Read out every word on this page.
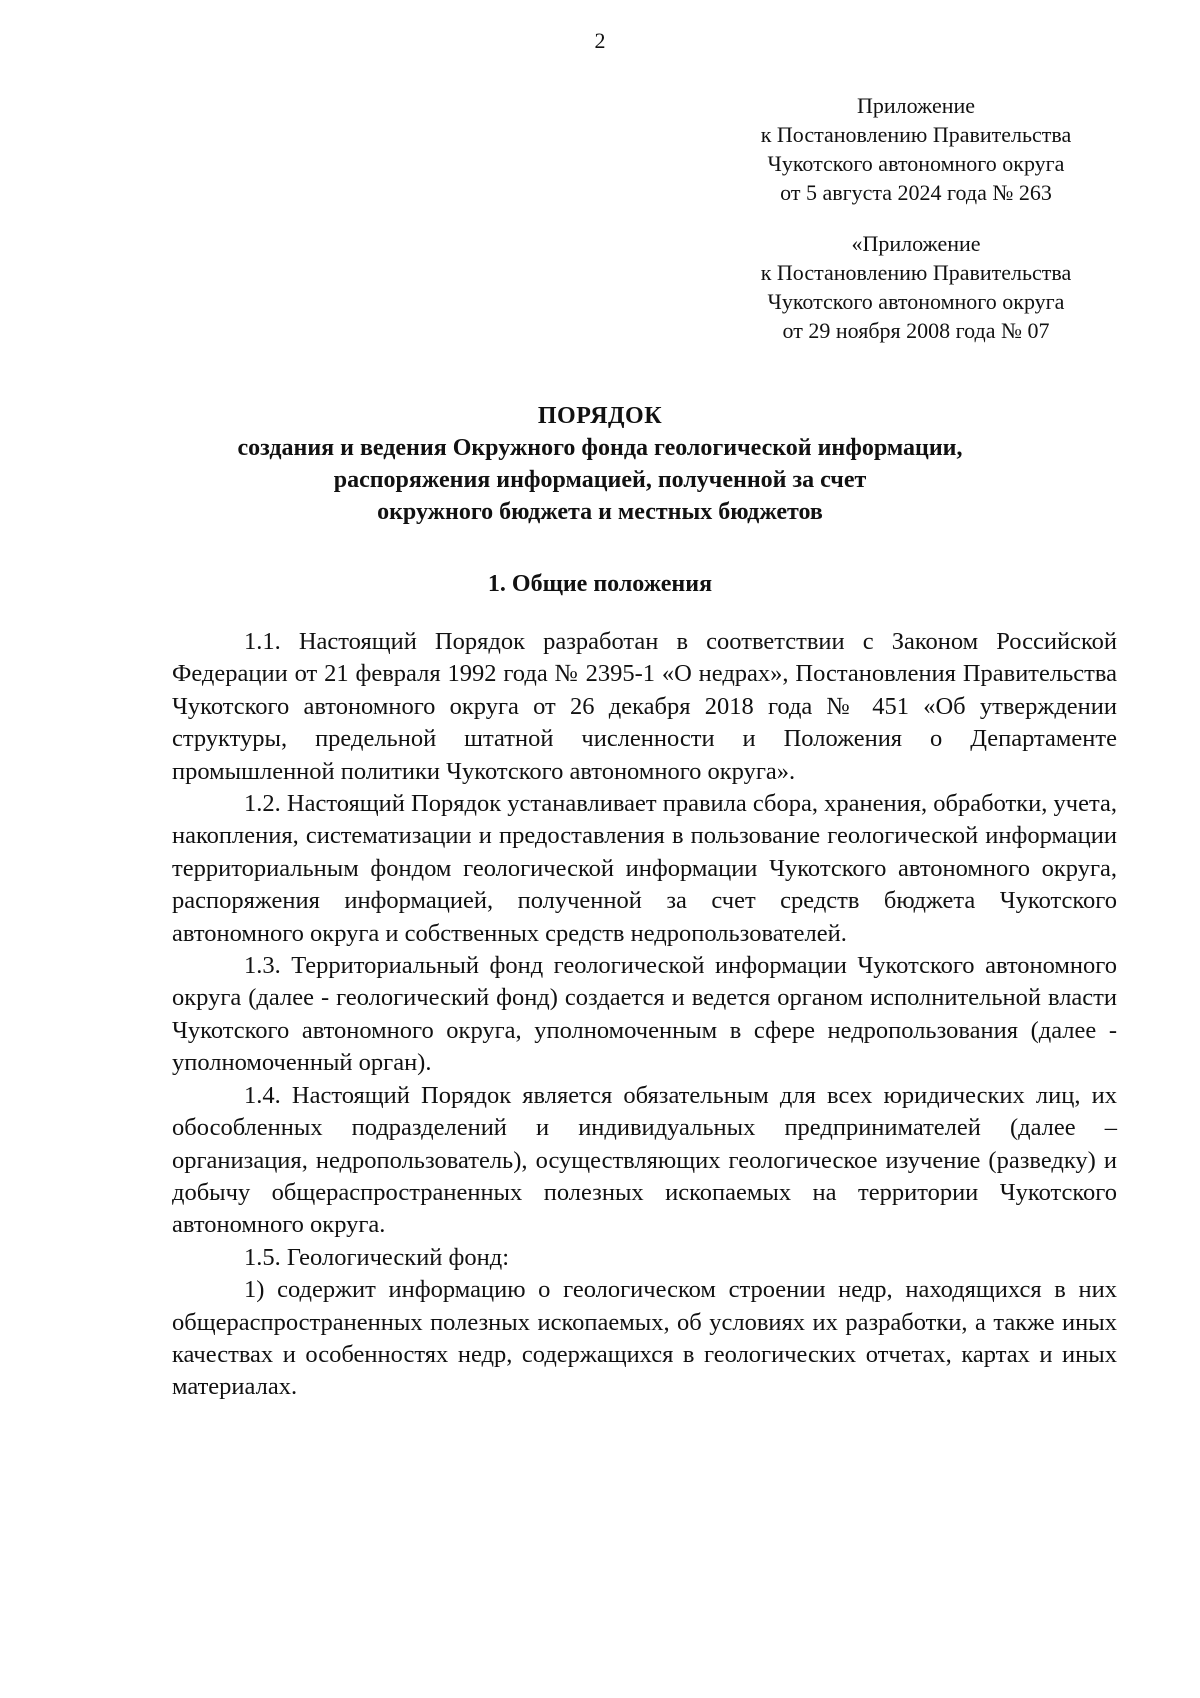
2
Приложение
к Постановлению Правительства
Чукотского автономного округа
от 5 августа 2024 года № 263
«Приложение
к Постановлению Правительства
Чукотского автономного округа
от 29 ноября 2008 года № 07
ПОРЯДОК
создания и ведения Окружного фонда геологической информации,
распоряжения информацией, полученной за счет
окружного бюджета и местных бюджетов
1. Общие положения

1.1. Настоящий Порядок разработан в соответствии с Законом Российской Федерации от 21 февраля 1992 года № 2395-1 «О недрах», Постановления Правительства Чукотского автономного округа от 26 декабря 2018 года № 451 «Об утверждении структуры, предельной штатной численности и Положения о Департаменте промышленной политики Чукотского автономного округа».

1.2. Настоящий Порядок устанавливает правила сбора, хранения, обработки, учета, накопления, систематизации и предоставления в пользование геологической информации территориальным фондом геологической информации Чукотского автономного округа, распоряжения информацией, полученной за счет средств бюджета Чукотского автономного округа и собственных средств недропользователей.

1.3. Территориальный фонд геологической информации Чукотского автономного округа (далее - геологический фонд) создается и ведется органом исполнительной власти Чукотского автономного округа, уполномоченным в сфере недропользования (далее - уполномоченный орган).

1.4. Настоящий Порядок является обязательным для всех юридических лиц, их обособленных подразделений и индивидуальных предпринимателей (далее – организация, недропользователь), осуществляющих геологическое изучение (разведку) и добычу общераспространенных полезных ископаемых на территории Чукотского автономного округа.

1.5. Геологический фонд:

1) содержит информацию о геологическом строении недр, находящихся в них общераспространенных полезных ископаемых, об условиях их разработки, а также иных качествах и особенностях недр, содержащихся в геологических отчетах, картах и иных материалах.
